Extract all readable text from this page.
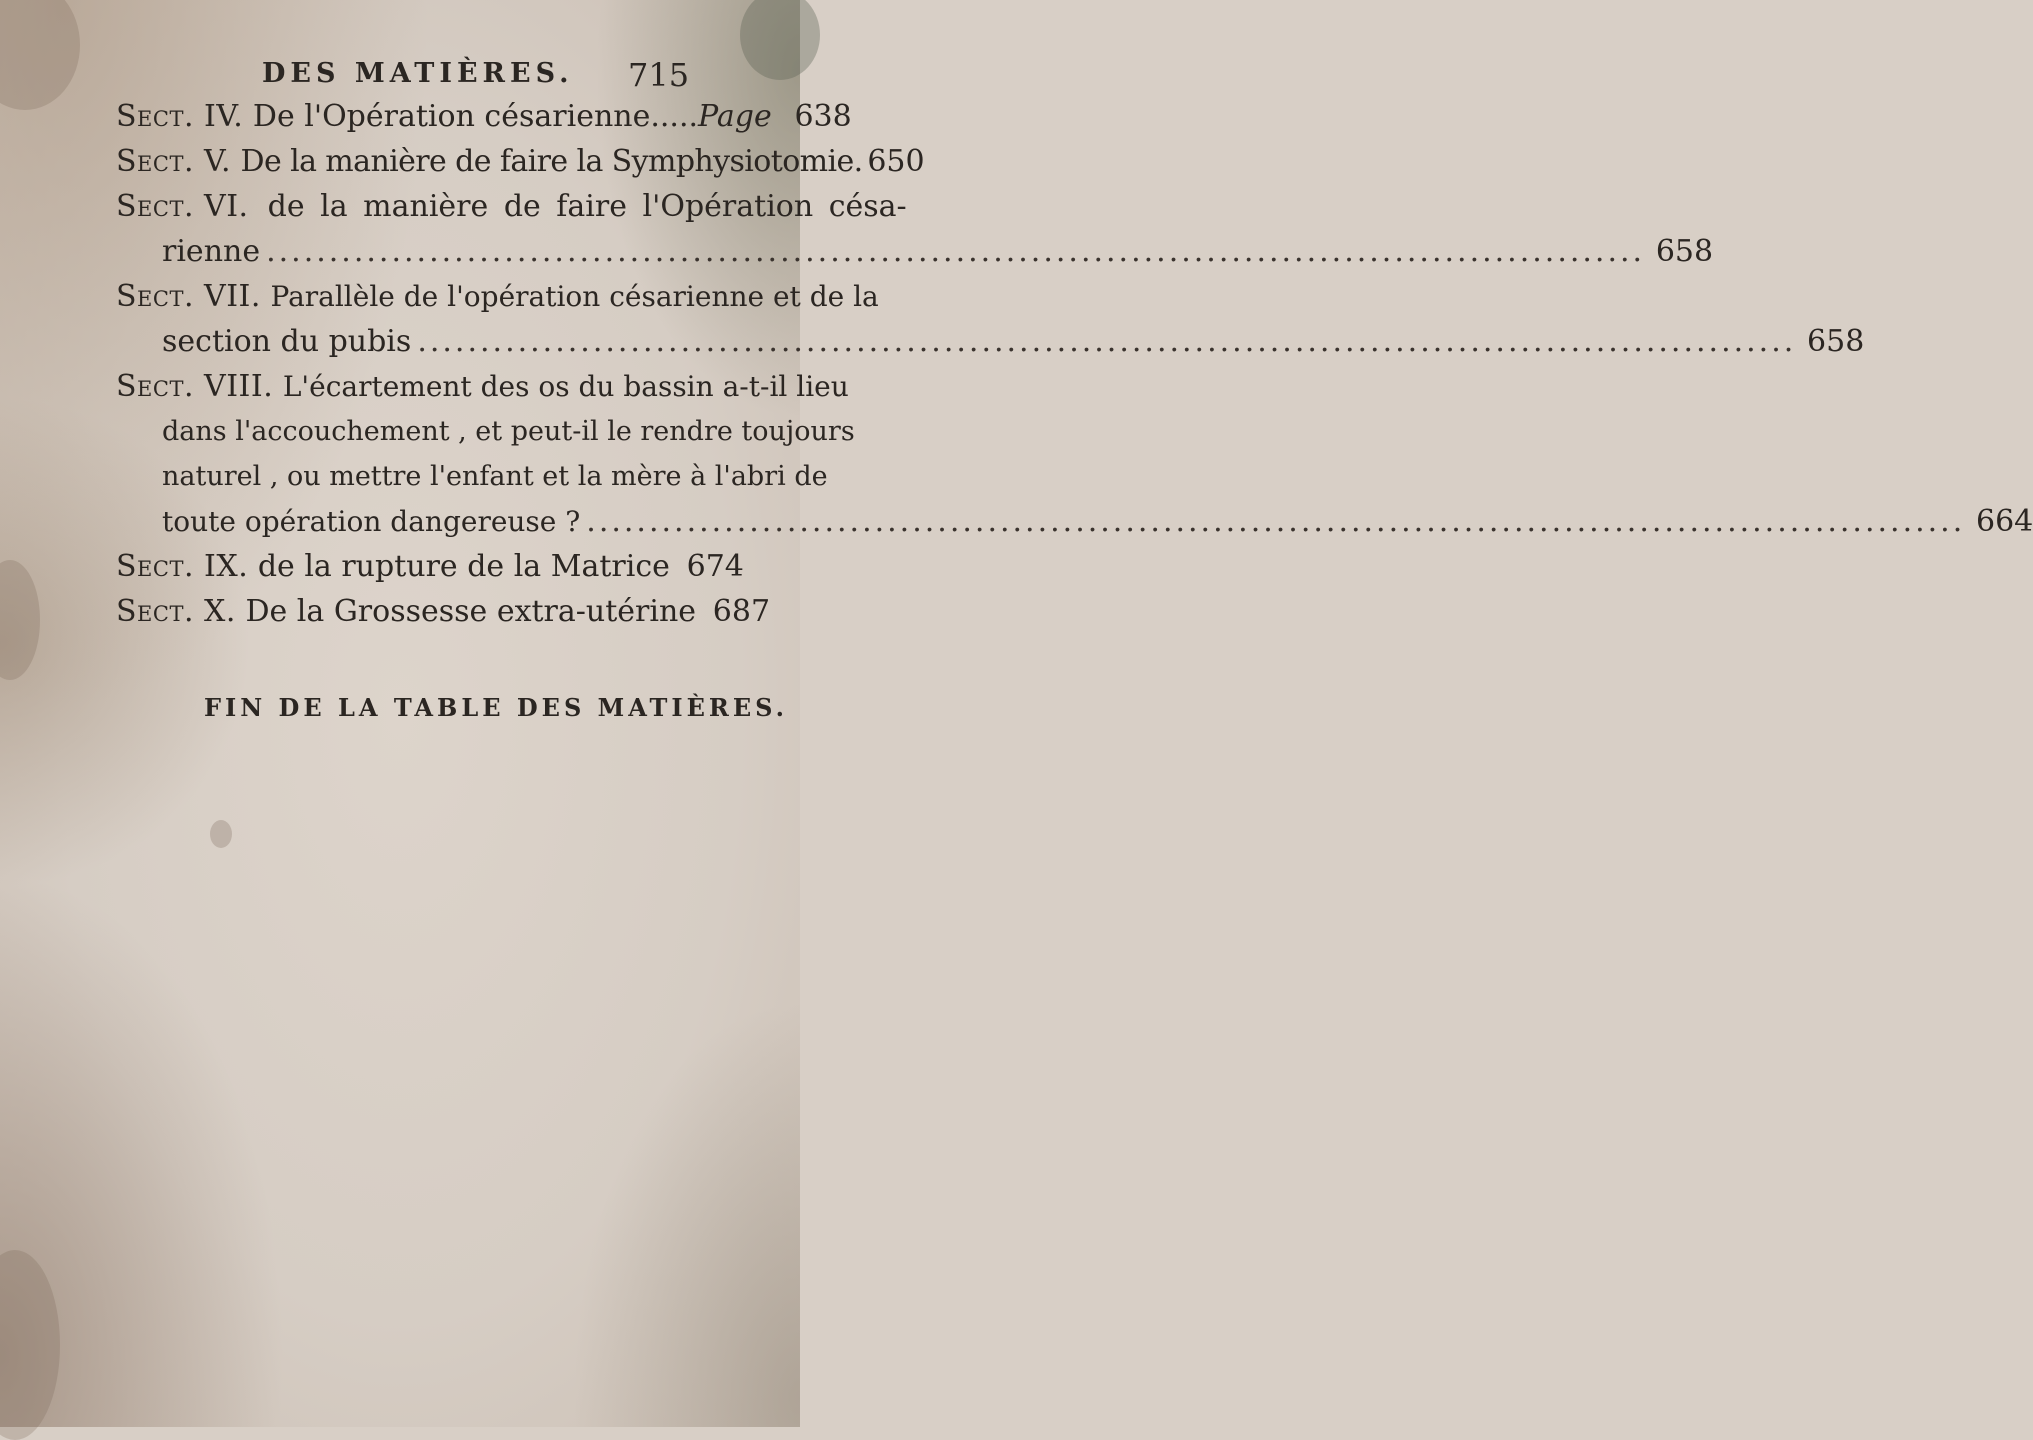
DES MATIÈRES. 715
Sect. IV.
De l'Opération césarienne..... Page 638
Sect. V.
De la manière de faire la Symphysiotomie. 650
Sect. VI.
de la manière de faire l'Opération césa-
rienne .....	658
Sect. VII.
Parallèle de l'opération césarienne et de la
section du pubis .....	658
Sect. VIII.
L'écartement des os du bassin a-t-il lieu
dans l'accouchement , et peut-il le rendre toujours
naturel , ou mettre l'enfant et la mère à l'abri de
toute opération dangereuse ? .....	664
Sect. IX.
de la rupture de la Matrice 674
Sect. X.
De la Grossesse extra-utérine 687
FIN DE LA TABLE DES MATIÈRES.
